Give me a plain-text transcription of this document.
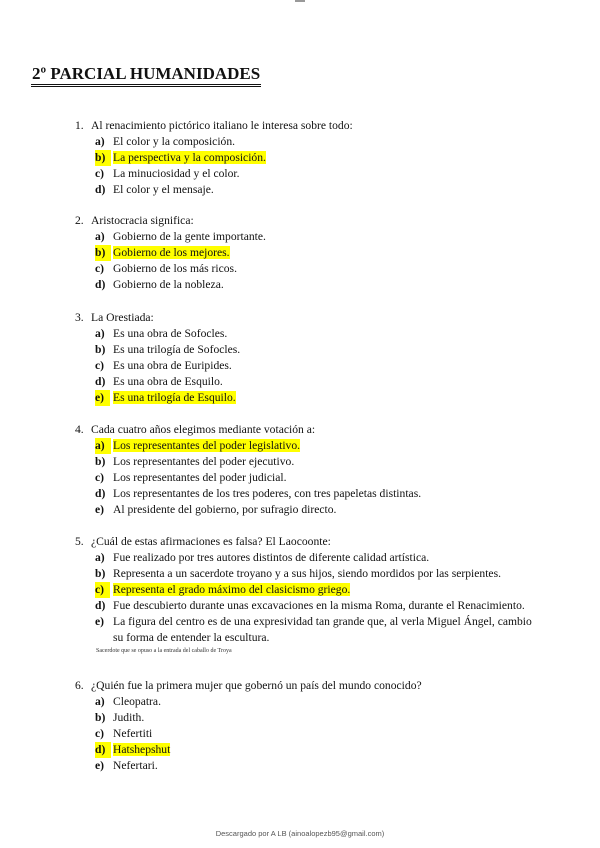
2º PARCIAL HUMANIDADES
1. Al renacimiento pictórico italiano le interesa sobre todo:
a) El color y la composición.
b) La perspectiva y la composición.
c) La minuciosidad y el color.
d) El color y el mensaje.
2. Aristocracia significa:
a) Gobierno de la gente importante.
b) Gobierno de los mejores.
c) Gobierno de los más ricos.
d) Gobierno de la nobleza.
3. La Orestiada:
a) Es una obra de Sofocles.
b) Es una trilogía de Sofocles.
c) Es una obra de Euripides.
d) Es una obra de Esquilo.
e) Es una trilogía de Esquilo.
4. Cada cuatro años elegimos mediante votación a:
a) Los representantes del poder legislativo.
b) Los representantes del poder ejecutivo.
c) Los representantes del poder judicial.
d) Los representantes de los tres poderes, con tres papeletas distintas.
e) Al presidente del gobierno, por sufragio directo.
5. ¿Cuál de estas afirmaciones es falsa? El Laocoonte:
a) Fue realizado por tres autores distintos de diferente calidad artística.
b) Representa a un sacerdote troyano y a sus hijos, siendo mordidos por las serpientes.
c) Representa el grado máximo del clasicismo griego.
d) Fue descubierto durante unas excavaciones en la misma Roma, durante el Renacimiento.
e) La figura del centro es de una expresividad tan grande que, al verla Miguel Ángel, cambio su forma de entender la escultura.
Sacerdote que se opuso a la entrada del caballo de Troya
6. ¿Quién fue la primera mujer que gobernó un país del mundo conocido?
a) Cleopatra.
b) Judith.
c) Nefertiti
d) Hatshepshut
e) Nefertari.
Descargado por A LB (ainoalopezb95@gmail.com)
